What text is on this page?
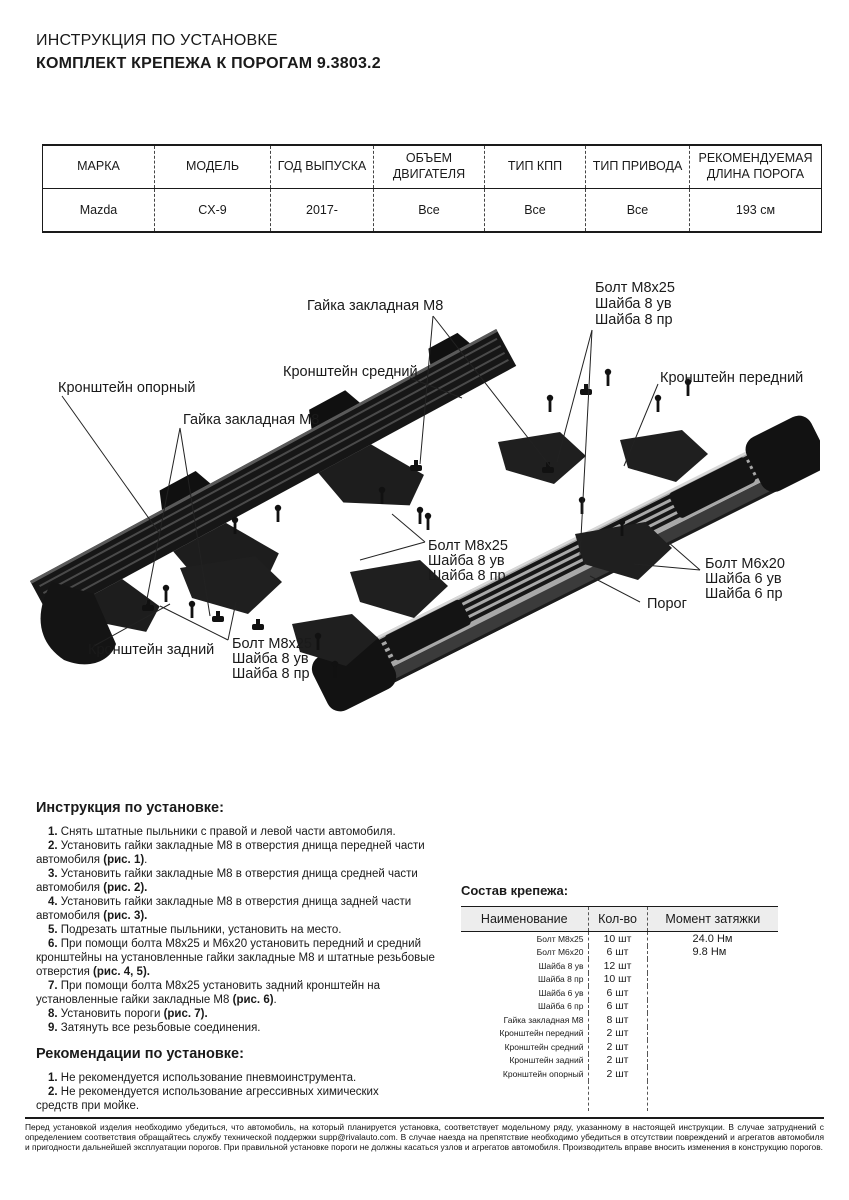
ИНСТРУКЦИЯ ПО УСТАНОВКЕ
КОМПЛЕКТ КРЕПЕЖА К ПОРОГАМ 9.3803.2
МАРКА	МОДЕЛЬ	ГОД ВЫПУСКА	ОБЪЕМ ДВИГАТЕЛЯ	ТИП КПП	ТИП ПРИВОДА	РЕКОМЕНДУЕМАЯ ДЛИНА ПОРОГА
Mazda	CX-9	2017-	Все	Все	Все	193 см
Гайка закладная М8
Болт М8х25
Шайба 8 ув
Шайба 8 пр
Кронштейн передний
Кронштейн средний
Кронштейн опорный
Гайка закладная М8
Болт М8х25
Шайба 8 ув
Шайба 8 пр
Болт М6х20
Шайба 6 ув
Шайба 6 пр
Порог
Кронштейн задний Болт М8х25
Шайба 8 ув
Шайба 8 пр

Инструкция по установке:

1. Снять штатные пыльники с правой и левой части автомобиля.

2. Установить гайки закладные М8 в отверстия днища передней части автомобиля (рис. 1).

3. Установить гайки закладные М8 в отверстия днища средней части автомобиля (рис. 2).

4. Установить гайки закладные М8 в отверстия днища задней части автомобиля (рис. 3).

5. Подрезать штатные пыльники, установить на место.

6. При помощи болта М8х25 и М6х20 установить передний и средний кронштейны на установленные гайки закладные М8 и штатные резьбовые отверстия (рис. 4, 5).

7. При помощи болта М8х25 установить задний кронштейн на установленные гайки закладные М8 (рис. 6).

8. Установить пороги (рис. 7).

9. Затянуть все резьбовые соединения.

Рекомендации по установке:

1. Не рекомендуется использование пневмоинструмента.

2. Не рекомендуется использование агрессивных химических средств при мойке.

Состав крепежа:

Наименование	Кол-во	Момент затяжки
Болт М8х25	10 шт	24.0 Нм
Болт М6х20	6 шт	9.8 Нм
Шайба 8 ув	12 шт	
Шайба 8 пр	10 шт	
Шайба 6 ув	6 шт	
Шайба 6 пр	6 шт	
Гайка закладная М8	8 шт	
Кронштейн передний	2 шт	
Кронштейн средний	2 шт	
Кронштейн задний	2 шт	
Кронштейн опорный	2 шт	

Перед установкой изделия необходимо убедиться, что автомобиль, на который планируется установка, соответствует модельному ряду, указанному в настоящей инструкции. В случае затруднений с определением соответствия обращайтесь службу технической поддержки supp@rivalauto.com. В случае наезда на препятствие необходимо убедиться в отсутствии повреждений и агрегатов автомобиля и пригодности дальнейшей эксплуатации порогов. При правильной установке пороги не должны касаться узлов и агрегатов автомобиля. Производитель вправе вносить изменения в конструкцию порогов.
